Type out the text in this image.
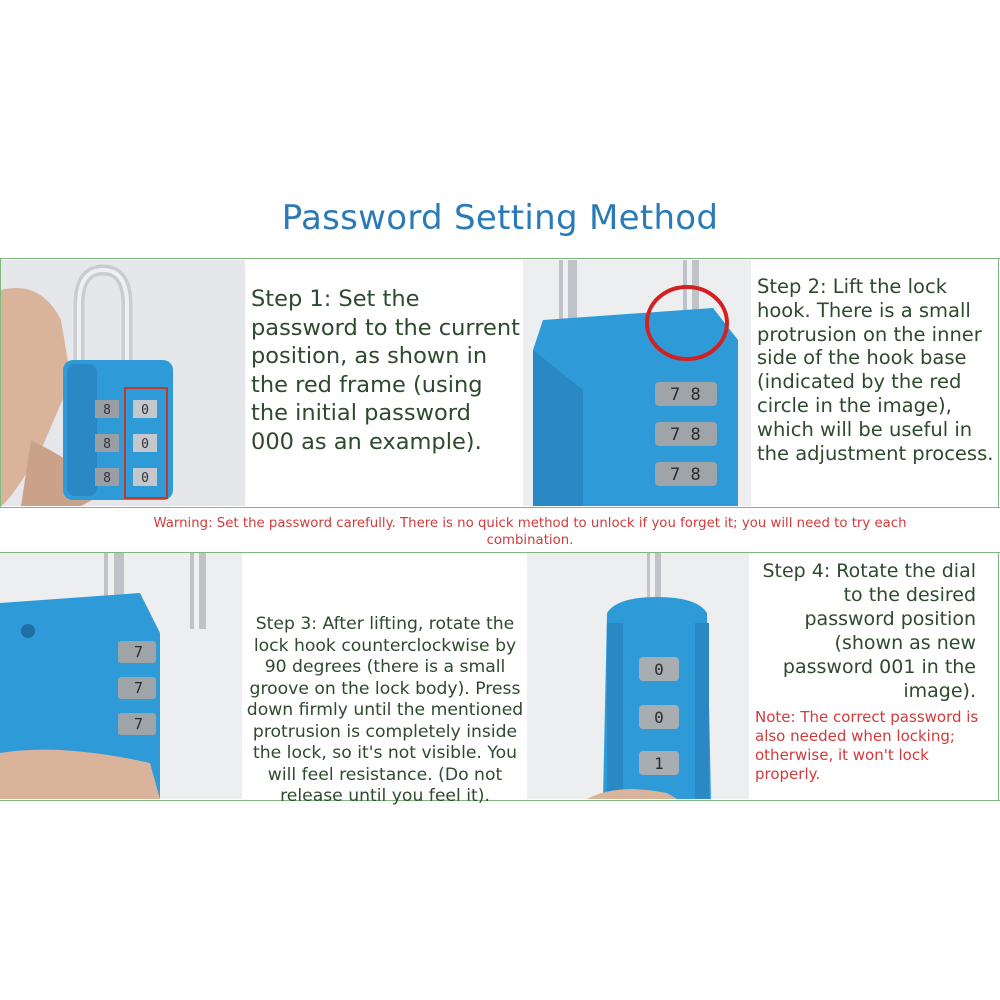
Password Setting Method
8
8
8
0
0
0
Step 1: Set the password to the current position, as shown in the red frame (using the initial password 000 as an example).
7 8
7 8
7 8
Step 2: Lift the lock hook. There is a small protrusion on the inner side of the hook base (indicated by the red circle in the image), which will be useful in the adjustment process.
Warning: Set the password carefully. There is no quick method to unlock if you forget it; you will need to try each combination.
7
7
7
Step 3: After lifting, rotate the lock hook counterclockwise by 90 degrees (there is a small groove on the lock body). Press down firmly until the mentioned protrusion is completely inside the lock, so it's not visible. You will feel resistance. (Do not release until you feel it).
0
0
1
Step 4: Rotate the dial to the desired password position (shown as new password 001 in the image).
Note: The correct password is also needed when locking; otherwise, it won't lock properly.
